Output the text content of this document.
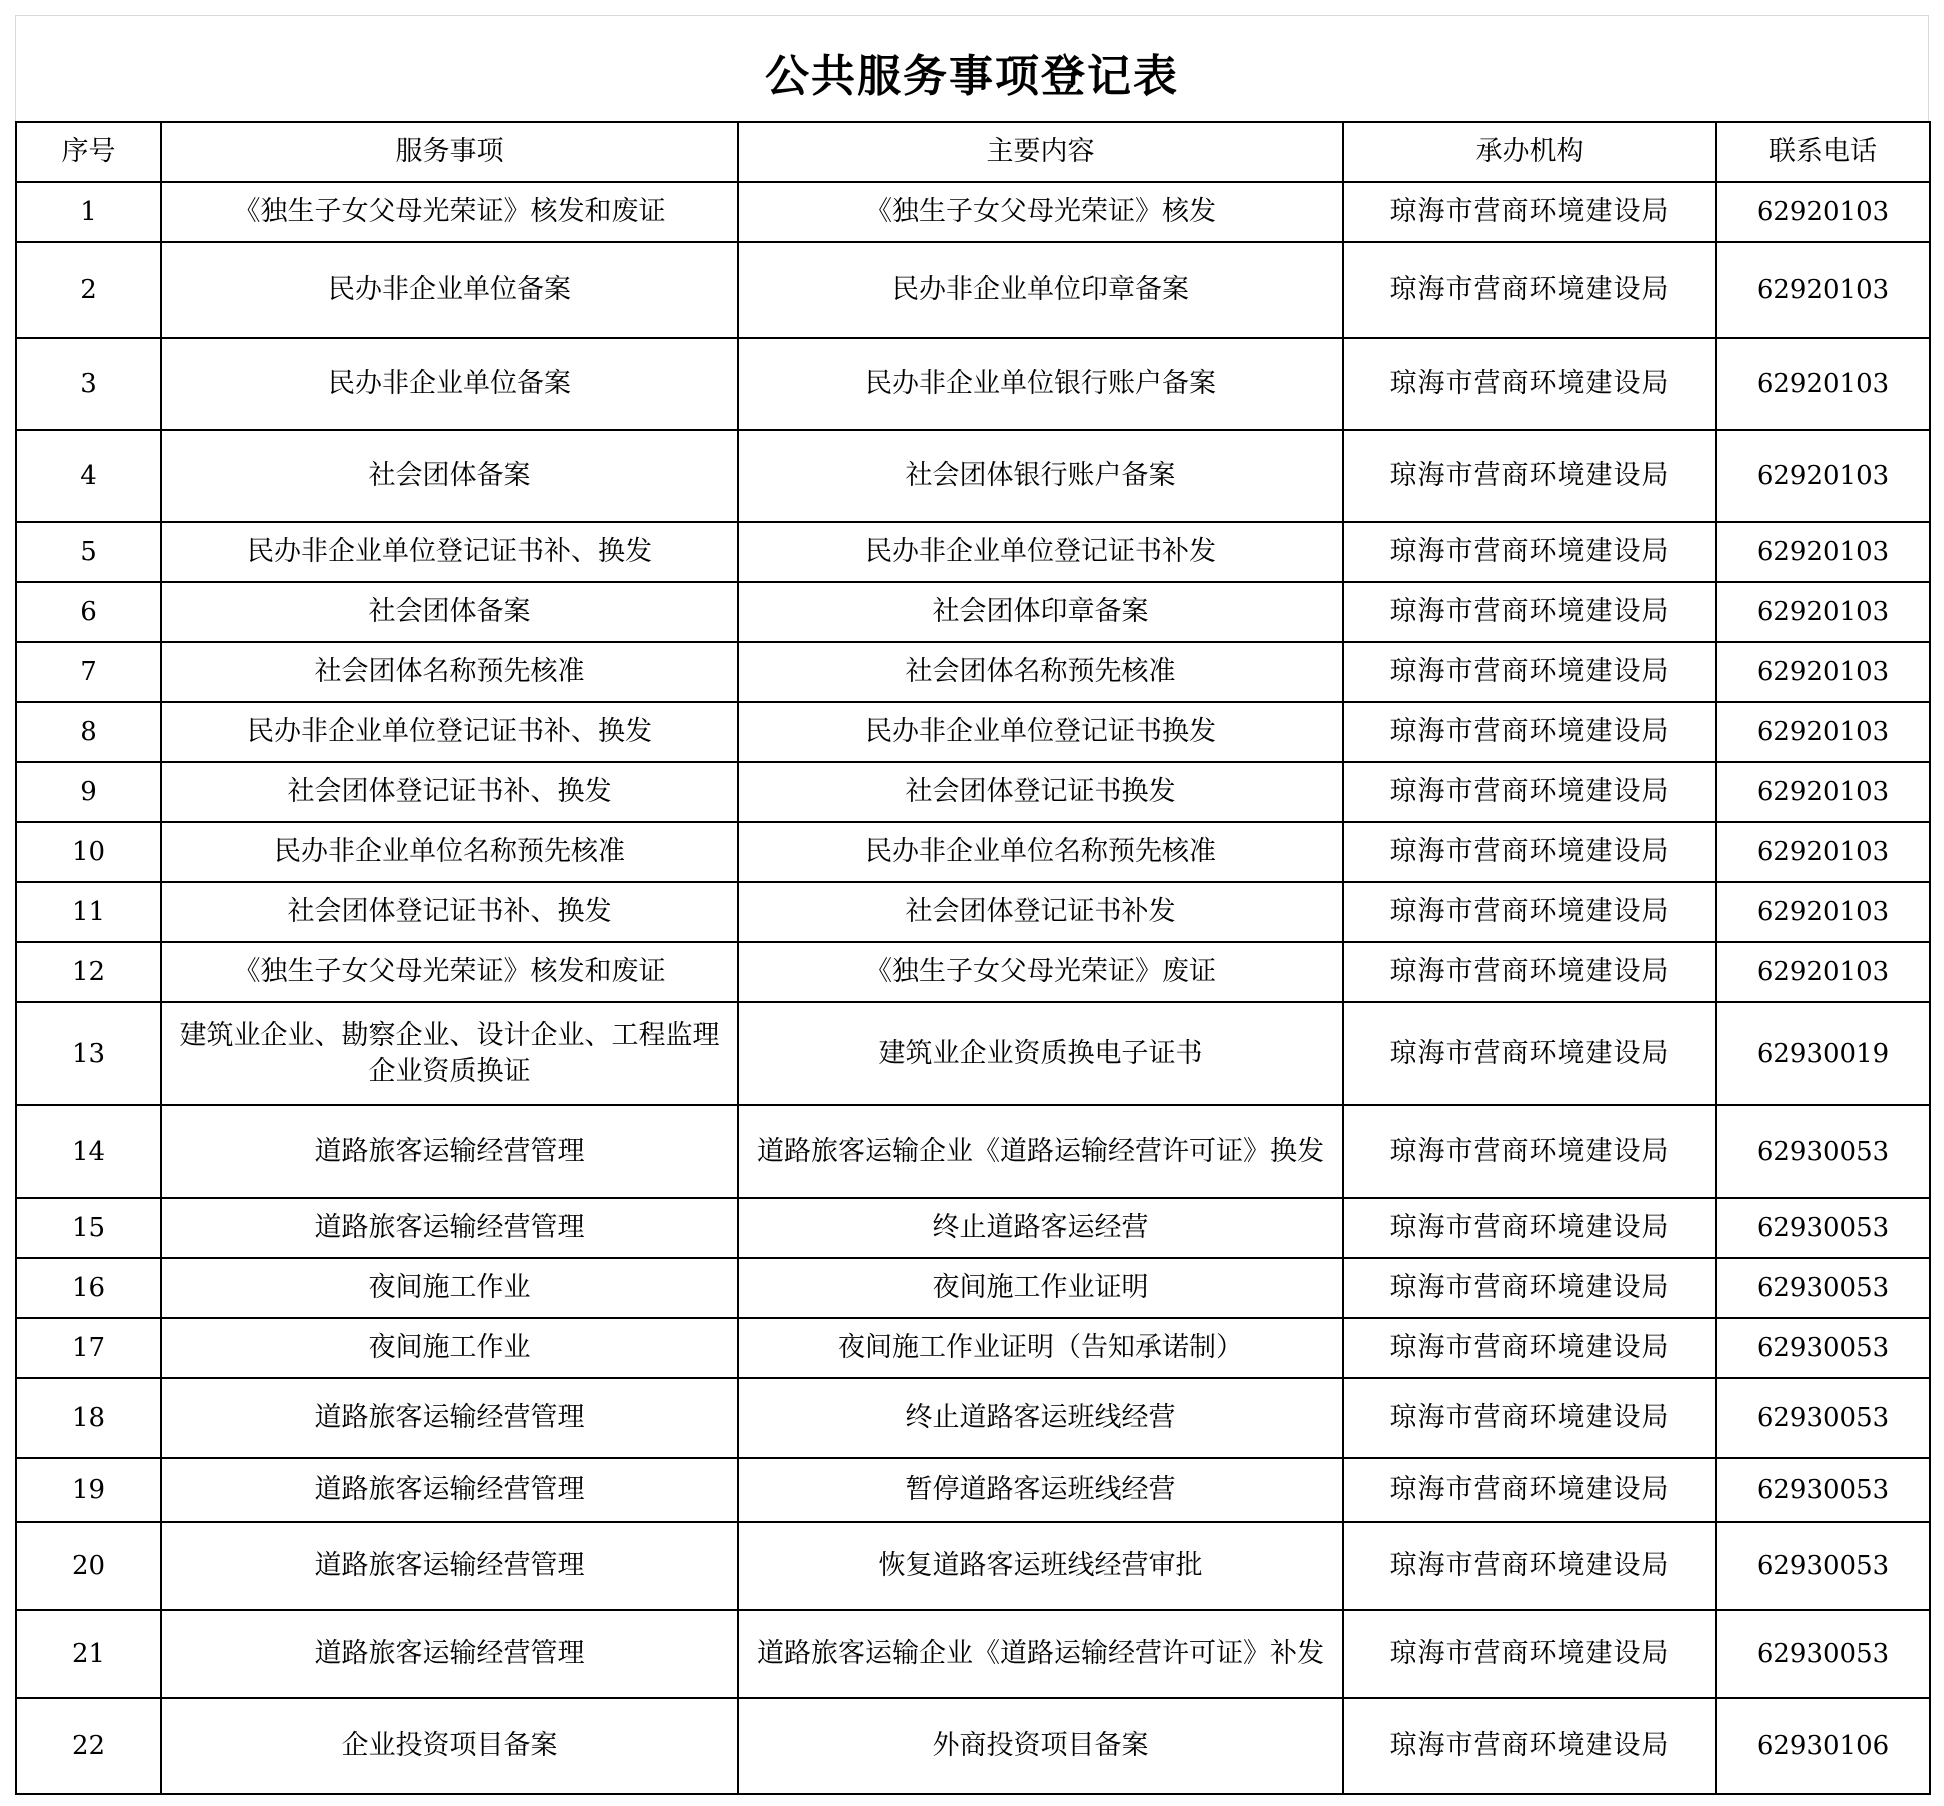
公共服务事项登记表
序号	服务事项	主要内容	承办机构	联系电话
1	《独生子女父母光荣证》核发和废证	《独生子女父母光荣证》核发	琼海市营商环境建设局	62920103
2	民办非企业单位备案	民办非企业单位印章备案	琼海市营商环境建设局	62920103
3	民办非企业单位备案	民办非企业单位银行账户备案	琼海市营商环境建设局	62920103
4	社会团体备案	社会团体银行账户备案	琼海市营商环境建设局	62920103
5	民办非企业单位登记证书补、换发	民办非企业单位登记证书补发	琼海市营商环境建设局	62920103
6	社会团体备案	社会团体印章备案	琼海市营商环境建设局	62920103
7	社会团体名称预先核准	社会团体名称预先核准	琼海市营商环境建设局	62920103
8	民办非企业单位登记证书补、换发	民办非企业单位登记证书换发	琼海市营商环境建设局	62920103
9	社会团体登记证书补、换发	社会团体登记证书换发	琼海市营商环境建设局	62920103
10	民办非企业单位名称预先核准	民办非企业单位名称预先核准	琼海市营商环境建设局	62920103
11	社会团体登记证书补、换发	社会团体登记证书补发	琼海市营商环境建设局	62920103
12	《独生子女父母光荣证》核发和废证	《独生子女父母光荣证》废证	琼海市营商环境建设局	62920103
13	建筑业企业、勘察企业、设计企业、工程监理企业资质换证	建筑业企业资质换电子证书	琼海市营商环境建设局	62930019
14	道路旅客运输经营管理	道路旅客运输企业《道路运输经营许可证》换发	琼海市营商环境建设局	62930053
15	道路旅客运输经营管理	终止道路客运经营	琼海市营商环境建设局	62930053
16	夜间施工作业	夜间施工作业证明	琼海市营商环境建设局	62930053
17	夜间施工作业	夜间施工作业证明（告知承诺制）	琼海市营商环境建设局	62930053
18	道路旅客运输经营管理	终止道路客运班线经营	琼海市营商环境建设局	62930053
19	道路旅客运输经营管理	暂停道路客运班线经营	琼海市营商环境建设局	62930053
20	道路旅客运输经营管理	恢复道路客运班线经营审批	琼海市营商环境建设局	62930053
21	道路旅客运输经营管理	道路旅客运输企业《道路运输经营许可证》补发	琼海市营商环境建设局	62930053
22	企业投资项目备案	外商投资项目备案	琼海市营商环境建设局	62930106
